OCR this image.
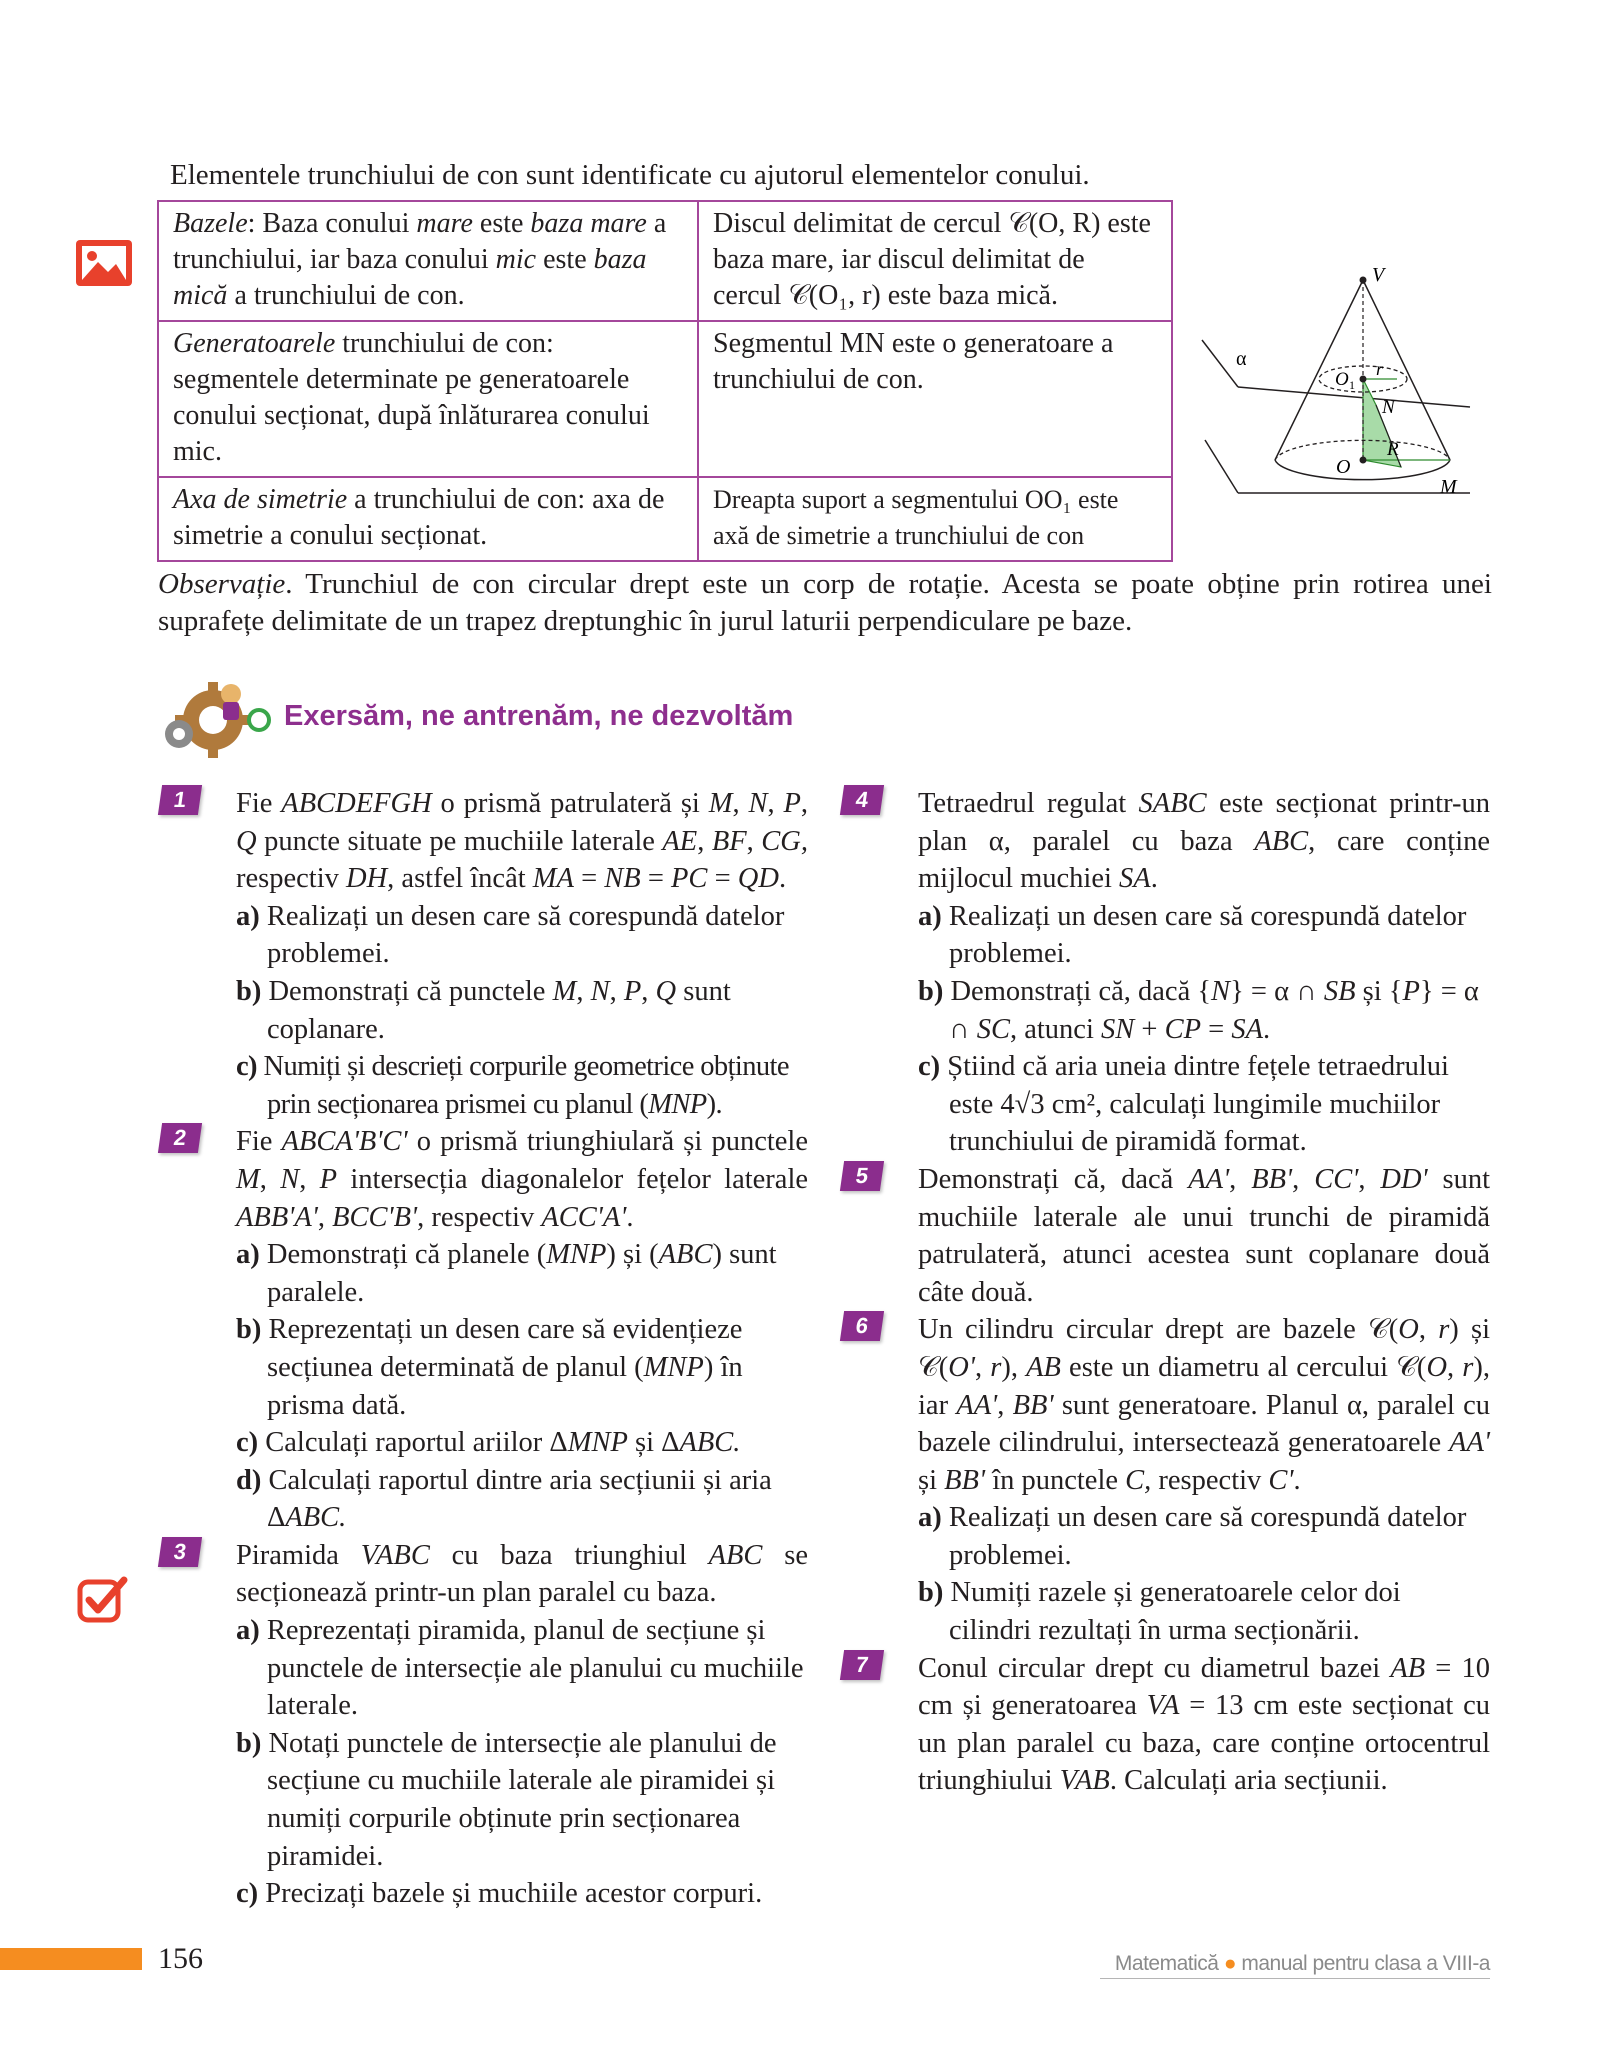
Elementele trunchiului de con sunt identificate cu ajutorul elementelor conului.
Bazele: Baza conului mare este baza mare a trunchiului, iar baza conului mic este baza mică a trunchiului de con.	Discul delimitat de cercul 𝒞(O, R) este baza mare, iar discul delimitat de cercul 𝒞(O₁, r) este baza mică.
Generatoarele trunchiului de con: segmentele determinate pe generatoarele conului secționat, după înlăturarea conului mic.	Segmentul MN este o generatoare a trunchiului de con.
Axa de simetrie a trunchiului de con: axa de simetrie a conului secționat.	Dreapta suport a segmentului OO₁ este axă de simetrie a trunchiului de con
V
α
O 1
r
N
O
R
M
Observație. Trunchiul de con circular drept este un corp de rotație. Acesta se poate obține prin rotirea unei suprafețe delimitate de un trapez dreptunghic în jurul laturii perpendiculare pe baze.
Exersăm, ne antrenăm, ne dezvoltăm
1	Fie ABCDEFGH o prismă patrulateră și M, N, P, Q puncte situate pe muchiile laterale AE, BF, CG, respectiv DH, astfel încât MA = NB = PC = QD.
a) Realizați un desen care să corespundă datelor problemei.
b) Demonstrați că punctele M, N, P, Q sunt coplanare.
c) Numiți și descrieți corpurile geometrice obținute prin secționarea prismei cu planul (MNP).
2	Fie ABCA'B'C' o prismă triunghiulară și punctele M, N, P intersecția diagonalelor fețelor laterale ABB'A', BCC'B', respectiv ACC'A'.
a) Demonstrați că planele (MNP) și (ABC) sunt paralele.
b) Reprezentați un desen care să evidențieze secțiunea determinată de planul (MNP) în prisma dată.
c) Calculați raportul ariilor ΔMNP și ΔABC.
d) Calculați raportul dintre aria secțiunii și aria ΔABC.
3	Piramida VABC cu baza triunghiul ABC se secționează printr-un plan paralel cu baza.
a) Reprezentați piramida, planul de secțiune și punctele de intersecție ale planului cu muchiile laterale.
b) Notați punctele de intersecție ale planului de secțiune cu muchiile laterale ale piramidei și numiți corpurile obținute prin secționarea piramidei.
c) Precizați bazele și muchiile acestor corpuri.
4	Tetraedrul regulat SABC este secționat printr-un plan α, paralel cu baza ABC, care conține mijlocul muchiei SA.
a) Realizați un desen care să corespundă datelor problemei.
b) Demonstrați că, dacă {N} = α ∩ SB și {P} = α ∩ SC, atunci SN + CP = SA.
c) Știind că aria uneia dintre fețele tetraedrului este 4√3 cm², calculați lungimile muchiilor trunchiului de piramidă format.
5	Demonstrați că, dacă AA', BB', CC', DD' sunt muchiile laterale ale unui trunchi de piramidă patrulateră, atunci acestea sunt coplanare două câte două.
6	Un cilindru circular drept are bazele 𝒞(O, r) și 𝒞(O', r), AB este un diametru al cercului 𝒞(O, r), iar AA', BB' sunt generatoare. Planul α, paralel cu bazele cilindrului, intersectează generatoarele AA' și BB' în punctele C, respectiv C'.
a) Realizați un desen care să corespundă datelor problemei.
b) Numiți razele și generatoarele celor doi cilindri rezultați în urma secționării.
7	Conul circular drept cu diametrul bazei AB = 10 cm și generatoarea VA = 13 cm este secționat cu un plan paralel cu baza, care conține ortocentrul triunghiului VAB. Calculați aria secțiunii.
156	Matematică ● manual pentru clasa a VIII-a
